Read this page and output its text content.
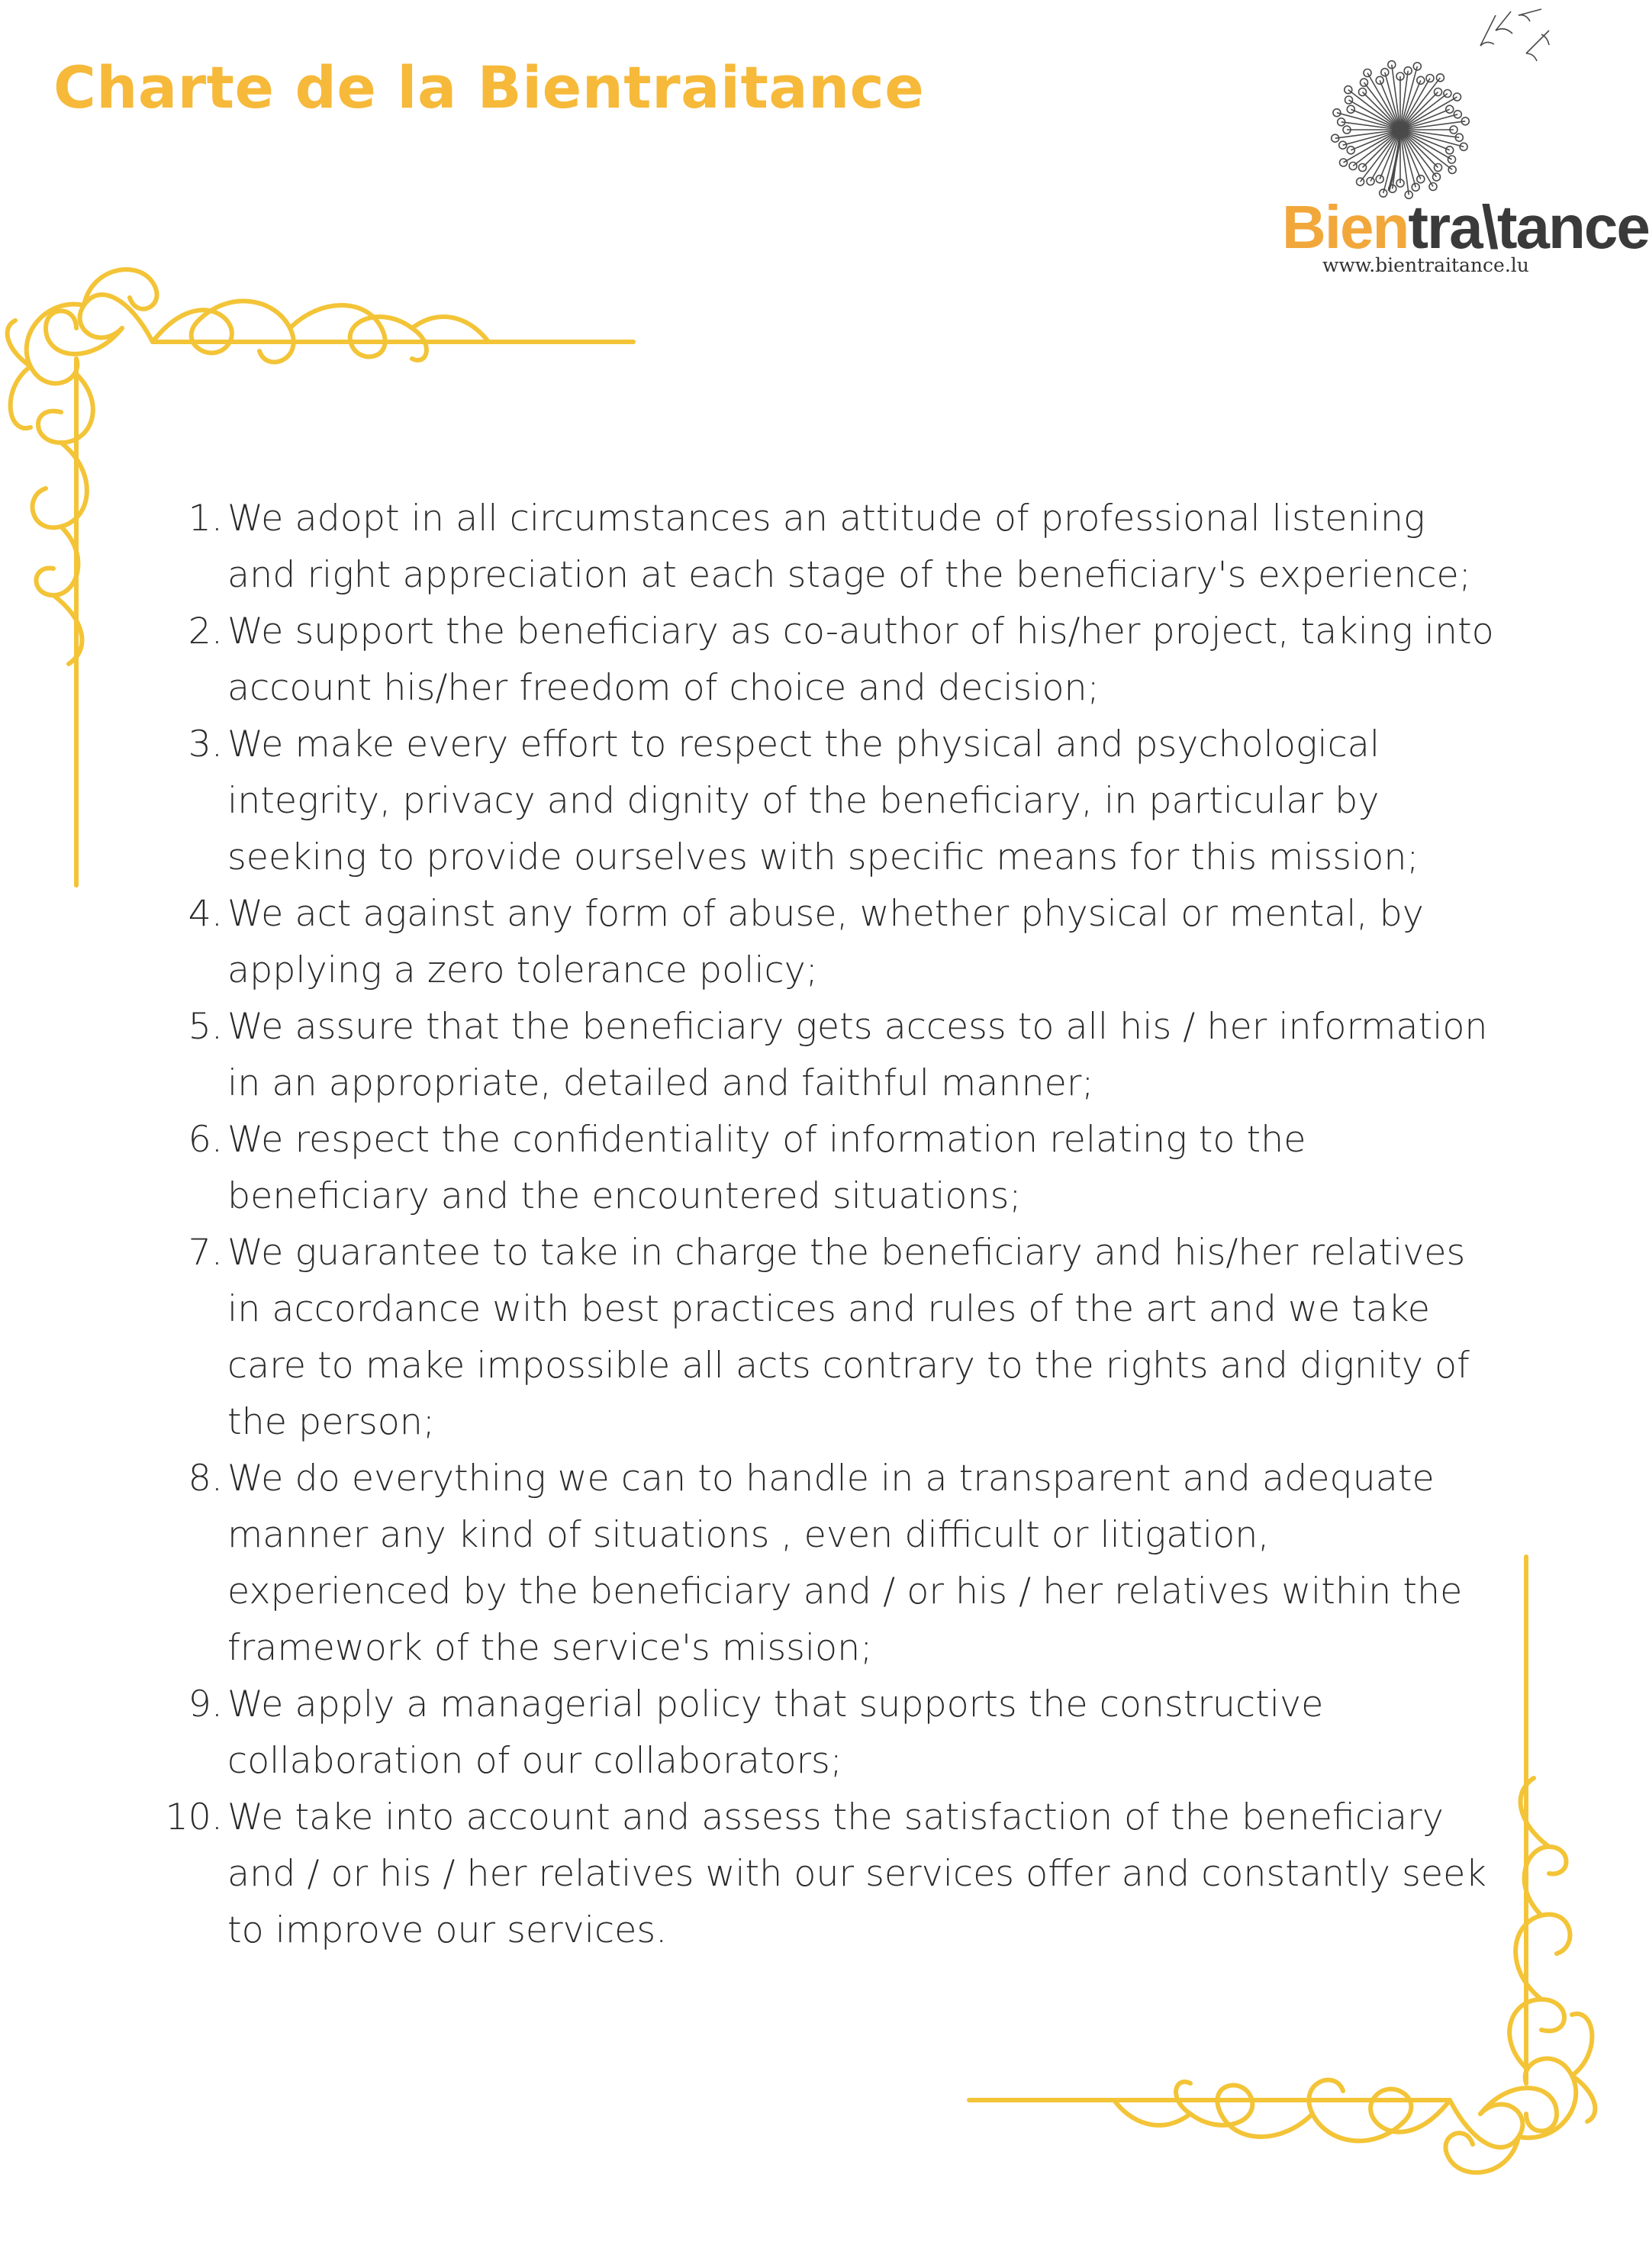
Charte de la Bientraitance
Bientra\tance
www.bientraitance.lu
1. We adopt in all circumstances an attitude of professional listening and right appreciation at each stage of the beneficiary's experience;
2. We support the beneficiary as co-author of his/her project, taking into account his/her freedom of choice and decision;
3. We make every effort to respect the physical and psychological integrity, privacy and dignity of the beneficiary, in particular by seeking to provide ourselves with specific means for this mission;
4. We act against any form of abuse, whether physical or mental, by applying a zero tolerance policy;
5. We assure that the beneficiary gets access to all his / her information in an appropriate, detailed and faithful manner;
6. We respect the confidentiality of information relating to the beneficiary and the encountered situations;
7. We guarantee to take in charge the beneficiary and his/her relatives in accordance with best practices and rules of the art and we take care to make impossible all acts contrary to the rights and dignity of the person;
8. We do everything we can to handle in a transparent and adequate manner any kind of situations , even difficult or litigation, experienced by the beneficiary and / or his / her relatives within the framework of the service's mission;
9. We apply a managerial policy that supports the constructive collaboration of our collaborators;
10. We take into account and assess the satisfaction of the beneficiary and / or his / her relatives with our services offer and constantly seek to improve our services.
